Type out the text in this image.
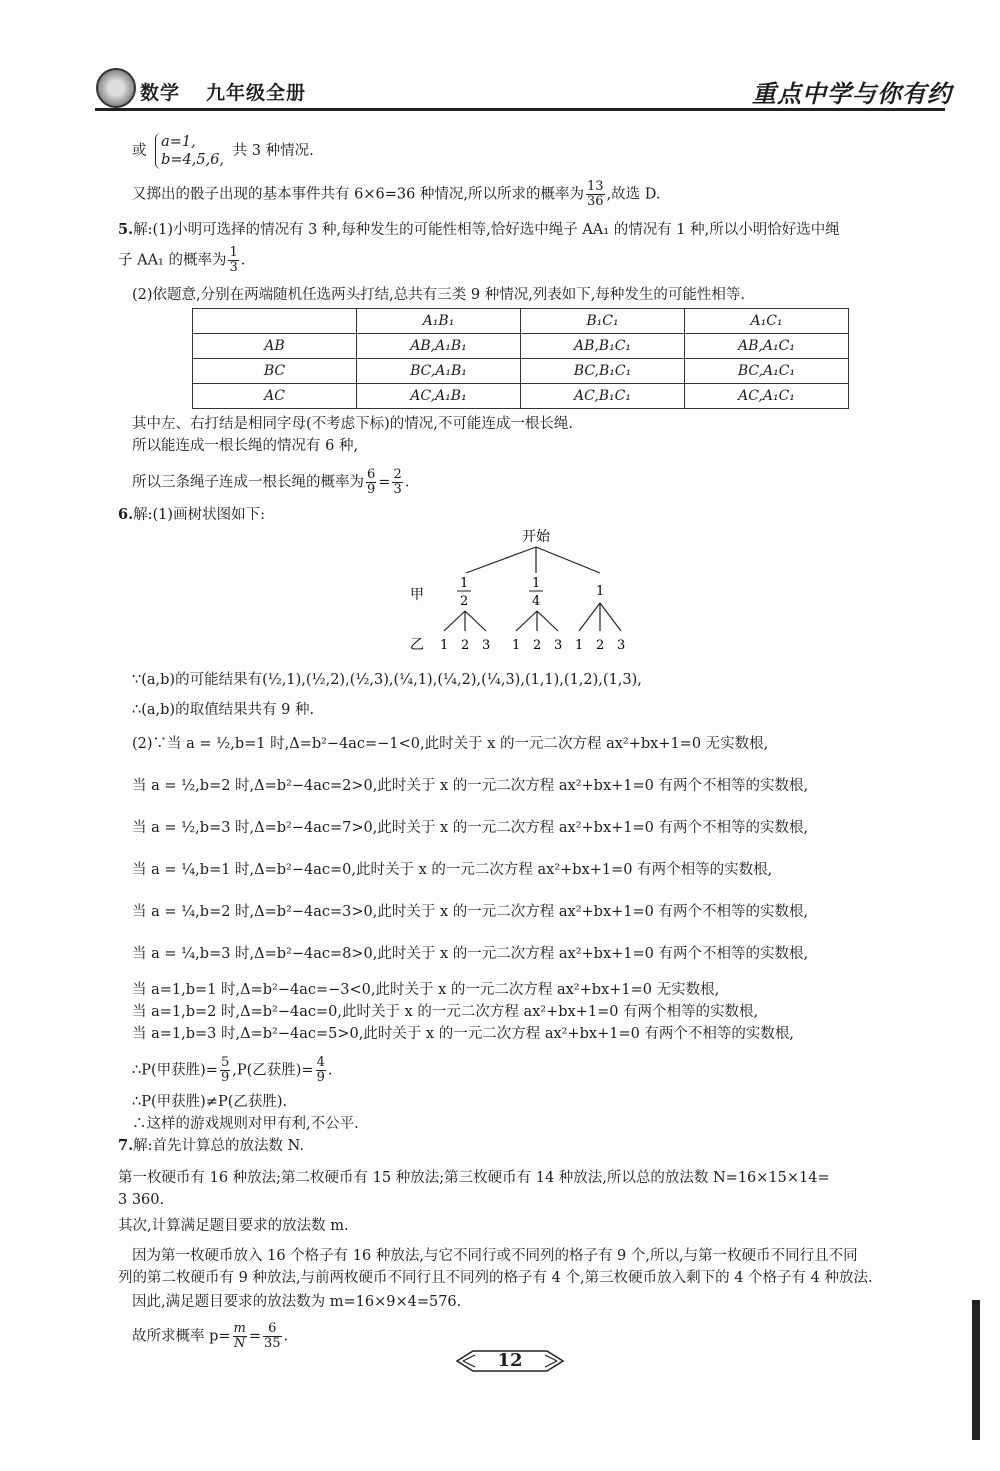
数学 九年级全册	重点中学与你有约
或 a=1,
b=4,5,6, 共 3 种情况.
又掷出的骰子出现的基本事件共有 6×6=36 种情况,所以所求的概率为 $\frac{13}{36}$ ,故选 D.
5.解:(1)小明可选择的情况有 3 种,每种发生的可能性相等,恰好选中绳子 AA₁ 的情况有 1 种,所以小明恰好选中绳
子 AA₁ 的概率为 $\frac{1}{3}$ .
(2)依题意,分别在两端随机任选两头打结,总共有三类 9 种情况,列表如下,每种发生的可能性相等.
	A₁B₁	B₁C₁	A₁C₁
AB	AB,A₁B₁	AB,B₁C₁	AB,A₁C₁
BC	BC,A₁B₁	BC,B₁C₁	BC,A₁C₁
AC	AC,A₁B₁	AC,B₁C₁	AC,A₁C₁
其中左、右打结是相同字母(不考虑下标)的情况,不可能连成一根长绳.
所以能连成一根长绳的情况有 6 种,
所以三条绳子连成一根长绳的概率为 $\frac{6}{9} = \frac{2}{3}$ .
6.解:(1)画树状图如下:
开始
甲
1
2
1
4
1
乙 1 2 3 1 2 3 1 2 3
∵(a,b)的可能结果有(½,1),(½,2),(½,3),(¼,1),(¼,2),(¼,3),(1,1),(1,2),(1,3),
∴(a,b)的取值结果共有 9 种.
(2)∵当 a = ½,b=1 时,Δ=b²−4ac=−1<0,此时关于 x 的一元二次方程 ax²+bx+1=0 无实数根,
当 a = ½,b=2 时,Δ=b²−4ac=2>0,此时关于 x 的一元二次方程 ax²+bx+1=0 有两个不相等的实数根,
当 a = ½,b=3 时,Δ=b²−4ac=7>0,此时关于 x 的一元二次方程 ax²+bx+1=0 有两个不相等的实数根,
当 a = ¼,b=1 时,Δ=b²−4ac=0,此时关于 x 的一元二次方程 ax²+bx+1=0 有两个相等的实数根,
当 a = ¼,b=2 时,Δ=b²−4ac=3>0,此时关于 x 的一元二次方程 ax²+bx+1=0 有两个不相等的实数根,
当 a = ¼,b=3 时,Δ=b²−4ac=8>0,此时关于 x 的一元二次方程 ax²+bx+1=0 有两个不相等的实数根,
当 a=1,b=1 时,Δ=b²−4ac=−3<0,此时关于 x 的一元二次方程 ax²+bx+1=0 无实数根,
当 a=1,b=2 时,Δ=b²−4ac=0,此时关于 x 的一元二次方程 ax²+bx+1=0 有两个相等的实数根,
当 a=1,b=3 时,Δ=b²−4ac=5>0,此时关于 x 的一元二次方程 ax²+bx+1=0 有两个不相等的实数根,
∴P(甲获胜)= $\frac{5}{9} ,P$(乙获胜)= $\frac{4}{9}$ .
∴P(甲获胜)≠P(乙获胜).
∴这样的游戏规则对甲有利,不公平.
7.解:首先计算总的放法数 N.
第一枚硬币有 16 种放法;第二枚硬币有 15 种放法;第三枚硬币有 14 种放法,所以总的放法数 N=16×15×14=
3 360.
其次,计算满足题目要求的放法数 m.
因为第一枚硬币放入 16 个格子有 16 种放法,与它不同行或不同列的格子有 9 个,所以,与第一枚硬币不同行且不同
列的第二枚硬币有 9 种放法,与前两枚硬币不同行且不同列的格子有 4 个,第三枚硬币放入剩下的 4 个格子有 4 种放法.
因此,满足题目要求的放法数为 m=16×9×4=576.
故所求概率 $p= \frac{m}{N} = \frac{6}{35}$ .
12
